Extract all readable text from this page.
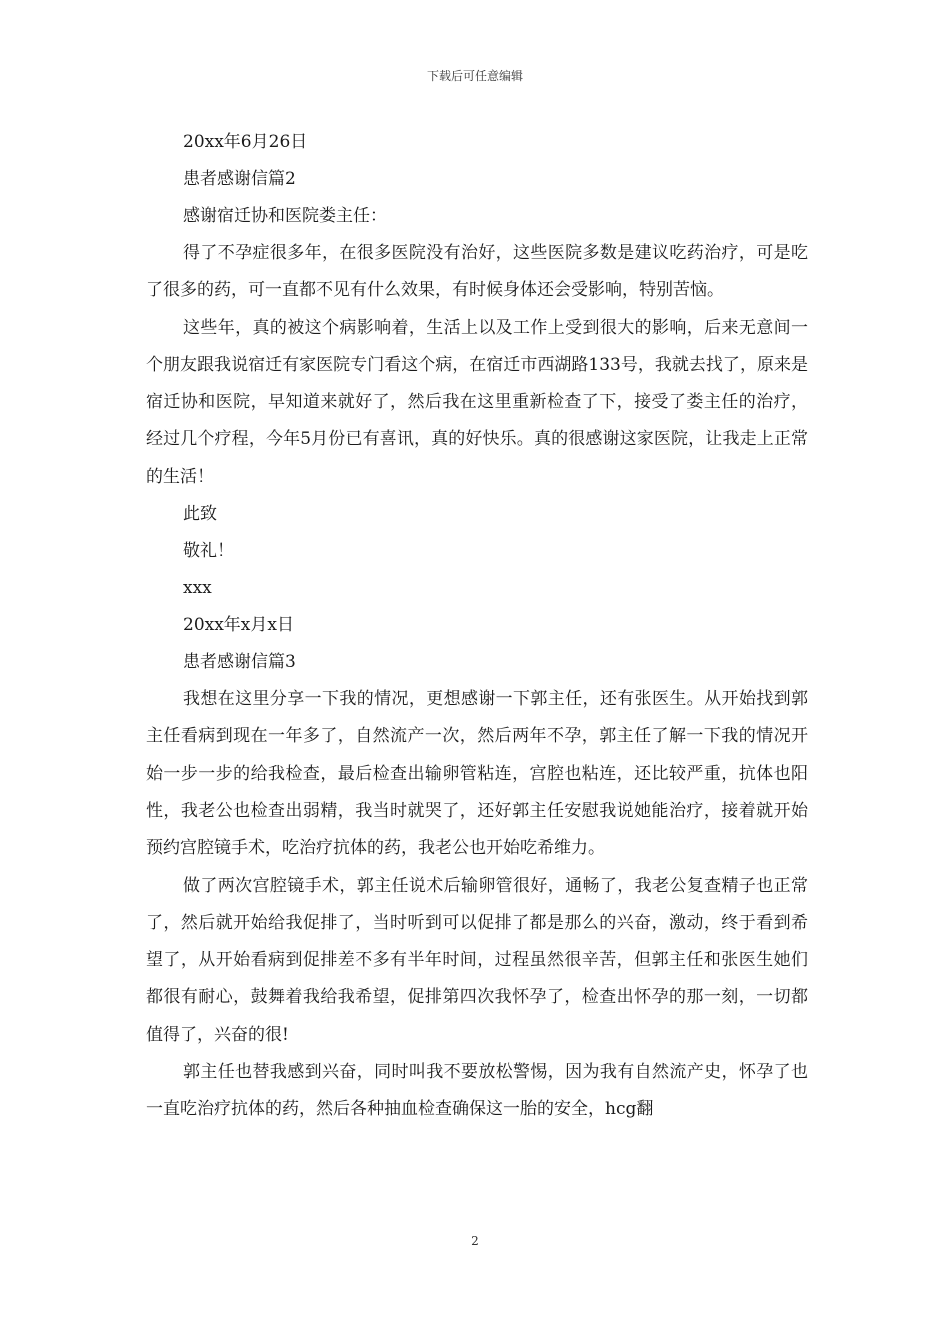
下载后可任意编辑
20xx年6月26日
患者感谢信篇2
感谢宿迁协和医院娄主任：

得了不孕症很多年，在很多医院没有治好，这些医院多数是建议吃药治疗，可是吃了很多的药，可一直都不见有什么效果，有时候身体还会受影响，特别苦恼。

这些年，真的被这个病影响着，生活上以及工作上受到很大的影响，后来无意间一个朋友跟我说宿迁有家医院专门看这个病，在宿迁市西湖路133号，我就去找了，原来是宿迁协和医院，早知道来就好了，然后我在这里重新检查了下，接受了娄主任的治疗，经过几个疗程，今年5月份已有喜讯，真的好快乐。真的很感谢这家医院，让我走上正常的生活！

此致
敬礼！
xxx
20xx年x月x日
患者感谢信篇3

我想在这里分享一下我的情况，更想感谢一下郭主任，还有张医生。从开始找到郭主任看病到现在一年多了，自然流产一次，然后两年不孕，郭主任了解一下我的情况开始一步一步的给我检查，最后检查出输卵管粘连，宫腔也粘连，还比较严重，抗体也阳性，我老公也检查出弱精，我当时就哭了，还好郭主任安慰我说她能治疗，接着就开始预约宫腔镜手术，吃治疗抗体的药，我老公也开始吃希维力。

做了两次宫腔镜手术，郭主任说术后输卵管很好，通畅了，我老公复查精子也正常了，然后就开始给我促排了，当时听到可以促排了都是那么的兴奋，激动，终于看到希望了，从开始看病到促排差不多有半年时间，过程虽然很辛苦，但郭主任和张医生她们都很有耐心，鼓舞着我给我希望，促排第四次我怀孕了，检查出怀孕的那一刻，一切都值得了，兴奋的很!

郭主任也替我感到兴奋，同时叫我不要放松警惕，因为我有自然流产史，怀孕了也一直吃治疗抗体的药，然后各种抽血检查确保这一胎的安全，hcg翻

2
